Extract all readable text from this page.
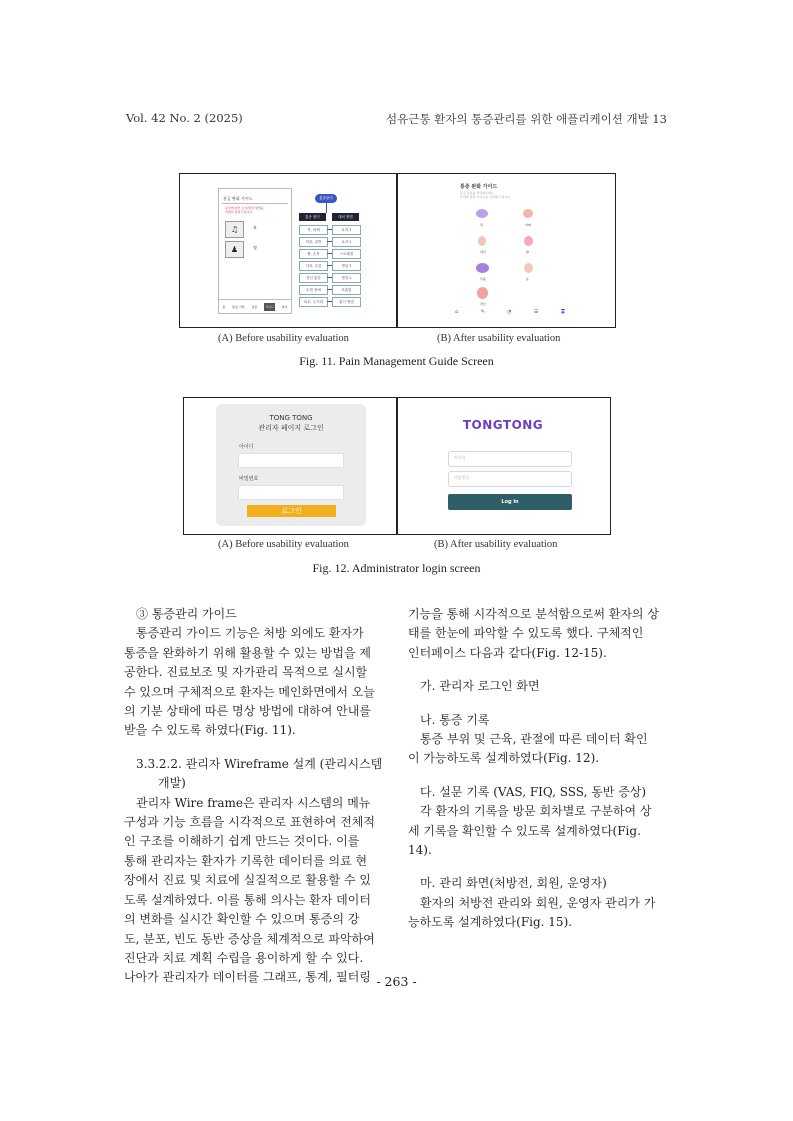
Vol. 42 No. 2 (2025)	섬유근통 환자의 통증관리를 위한 애플리케이션 개발 13
통증 완화 가이드
증상에 따른 요가/명상 방법을
자세히 알려드립니다.
♫	요
♟	명
홈 통증 기록 설문	가이드	마이
통증관리
통증 원인	대처 방법
목, 어깨	요가 1
허리, 골반	요가 2
팔, 손목	스트레칭
다리, 무릎	명상 1
전신 통증	명상 2
수면 장애	호흡법
피로, 무기력	휴식 방법
통증 완화 가이드
통증 부위를 선택해주세요
부위별 맞춤 가이드를 안내해 드립니다
목	어깨
허리	팔
무릎	등
전신
⌂	✎	◔	☰	✚
(A) Before usability evaluation	(B) After usability evaluation
Fig. 11. Pain Management Guide Screen
TONG TONG
관리자 페이지 로그인
아이디
비밀번호
로그인
TONGTONG
아이디
비밀번호
Log in
(A) Before usability evaluation	(B) After usability evaluation
Fig. 12. Administrator login screen

③ 통증관리 가이드

통증관리 가이드 기능은 처방 외에도 환자가

통증을 완화하기 위해 활용할 수 있는 방법을 제

공한다. 진료보조 및 자가관리 목적으로 실시할

수 있으며 구체적으로 환자는 메인화면에서 오늘

의 기분 상태에 따른 명상 방법에 대하여 안내를

받을 수 있도록 하였다(Fig. 11).

3.3.2.2. 관리자 Wireframe 설계 (관리시스템

개발)

관리자 Wire frame은 관리자 시스템의 메뉴

구성과 기능 흐름을 시각적으로 표현하여 전체적

인 구조를 이해하기 쉽게 만드는 것이다. 이를

통해 관리자는 환자가 기록한 데이터를 의료 현

장에서 진료 및 치료에 실질적으로 활용할 수 있

도록 설계하였다. 이를 통해 의사는 환자 데이터

의 변화를 실시간 확인할 수 있으며 통증의 강

도, 분포, 빈도 동반 증상을 체계적으로 파악하여

진단과 치료 계획 수립을 용이하게 할 수 있다.

나아가 관리자가 데이터를 그래프, 통계, 필터링

기능을 통해 시각적으로 분석함으로써 환자의 상

태를 한눈에 파악할 수 있도록 했다. 구체적인

인터페이스 다음과 같다(Fig. 12-15).

가. 관리자 로그인 화면

나. 통증 기록

통증 부위 및 근육, 관절에 따른 데이터 확인

이 가능하도록 설계하였다(Fig. 12).

다. 설문 기록 (VAS, FIQ, SSS, 동반 증상)

각 환자의 기록을 방문 회차별로 구분하여 상

세 기록을 확인할 수 있도록 설계하였다(Fig.

14).

마. 관리 화면(처방전, 회원, 운영자)

환자의 처방전 관리와 회원, 운영자 관리가 가

능하도록 설계하였다(Fig. 15).

- 263 -
